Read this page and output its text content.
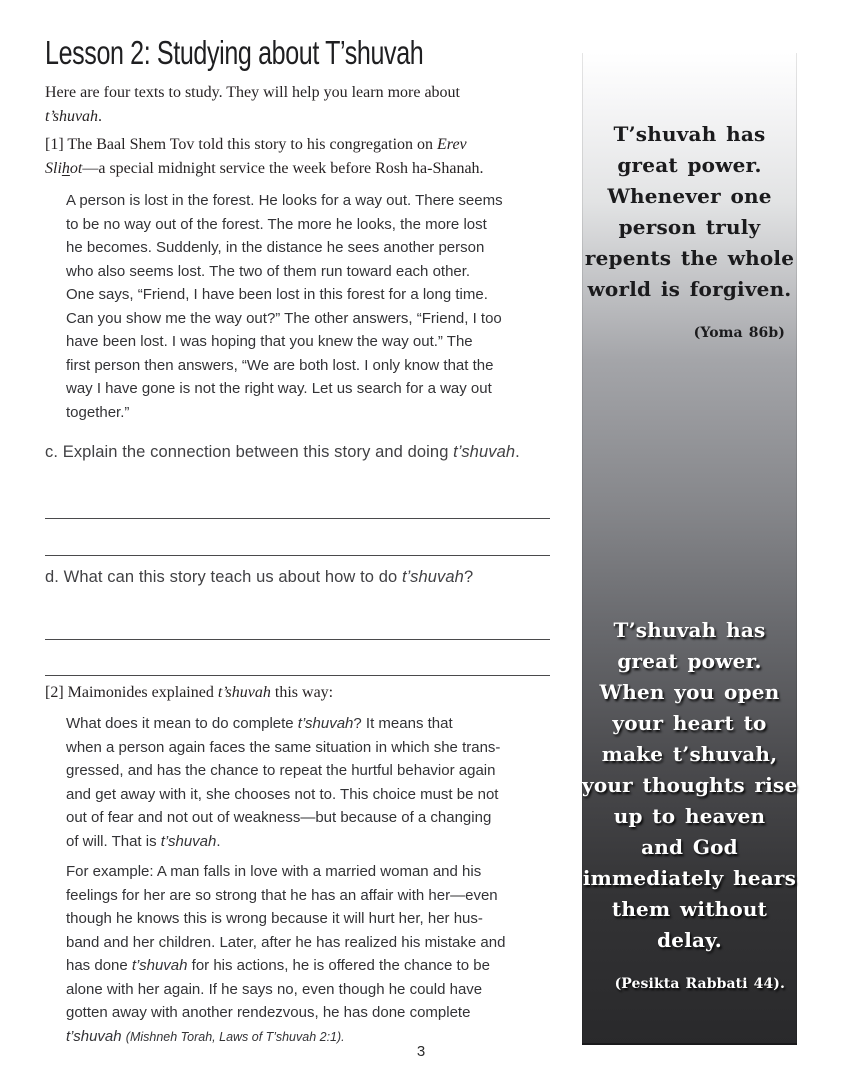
Lesson 2: Studying about T’shuvah

Here are four texts to study. They will help you learn more about
t’shuvah.

[1] The Baal Shem Tov told this story to his congregation on Erev
Slihot—a special midnight service the week before Rosh ha-Shanah.

A person is lost in the forest. He looks for a way out. There seems
to be no way out of the forest. The more he looks, the more lost
he becomes. Suddenly, in the distance he sees another person
who also seems lost. The two of them run toward each other.
One says, “Friend, I have been lost in this forest for a long time.
Can you show me the way out?” The other answers, “Friend, I too
have been lost. I was hoping that you knew the way out.” The
first person then answers, “We are both lost. I only know that the
way I have gone is not the right way. Let us search for a way out
together.”

c. Explain the connection between this story and doing t’shuvah.

d. What can this story teach us about how to do t’shuvah?

[2] Maimonides explained t’shuvah this way:

What does it mean to do complete t’shuvah? It means that
when a person again faces the same situation in which she trans-
gressed, and has the chance to repeat the hurtful behavior again
and get away with it, she chooses not to. This choice must be not
out of fear and not out of weakness—but because of a changing
of will. That is t’shuvah.

For example: A man falls in love with a married woman and his
feelings for her are so strong that he has an affair with her—even
though he knows this is wrong because it will hurt her, her hus-
band and her children. Later, after he has realized his mistake and
has done t’shuvah for his actions, he is offered the chance to be
alone with her again. If he says no, even though he could have
gotten away with another rendezvous, he has done complete
t’shuvah (Mishneh Torah, Laws of T’shuvah 2:1).

T’shuvah has
great power.
Whenever one
person truly
repents the whole
world is forgiven.
(Yoma 86b)
T’shuvah has
great power.
When you open
your heart to
make t’shuvah,
your thoughts rise
up to heaven
and God
immediately hears
them without
delay.
(Pesikta Rabbati 44).
3
